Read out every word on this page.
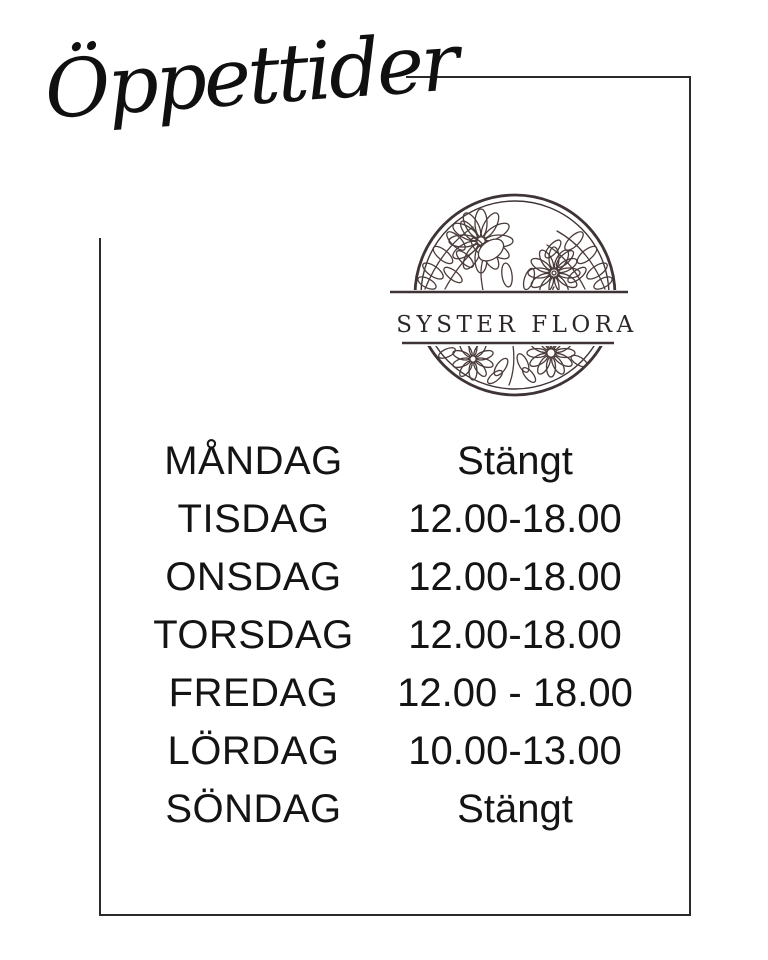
Öppettider
SYSTER FLORA
MÅNDAG	Stängt
TISDAG	12.00-18.00
ONSDAG	12.00-18.00
TORSDAG	12.00-18.00
FREDAG	12.00 - 18.00
LÖRDAG	10.00-13.00
SÖNDAG	Stängt
